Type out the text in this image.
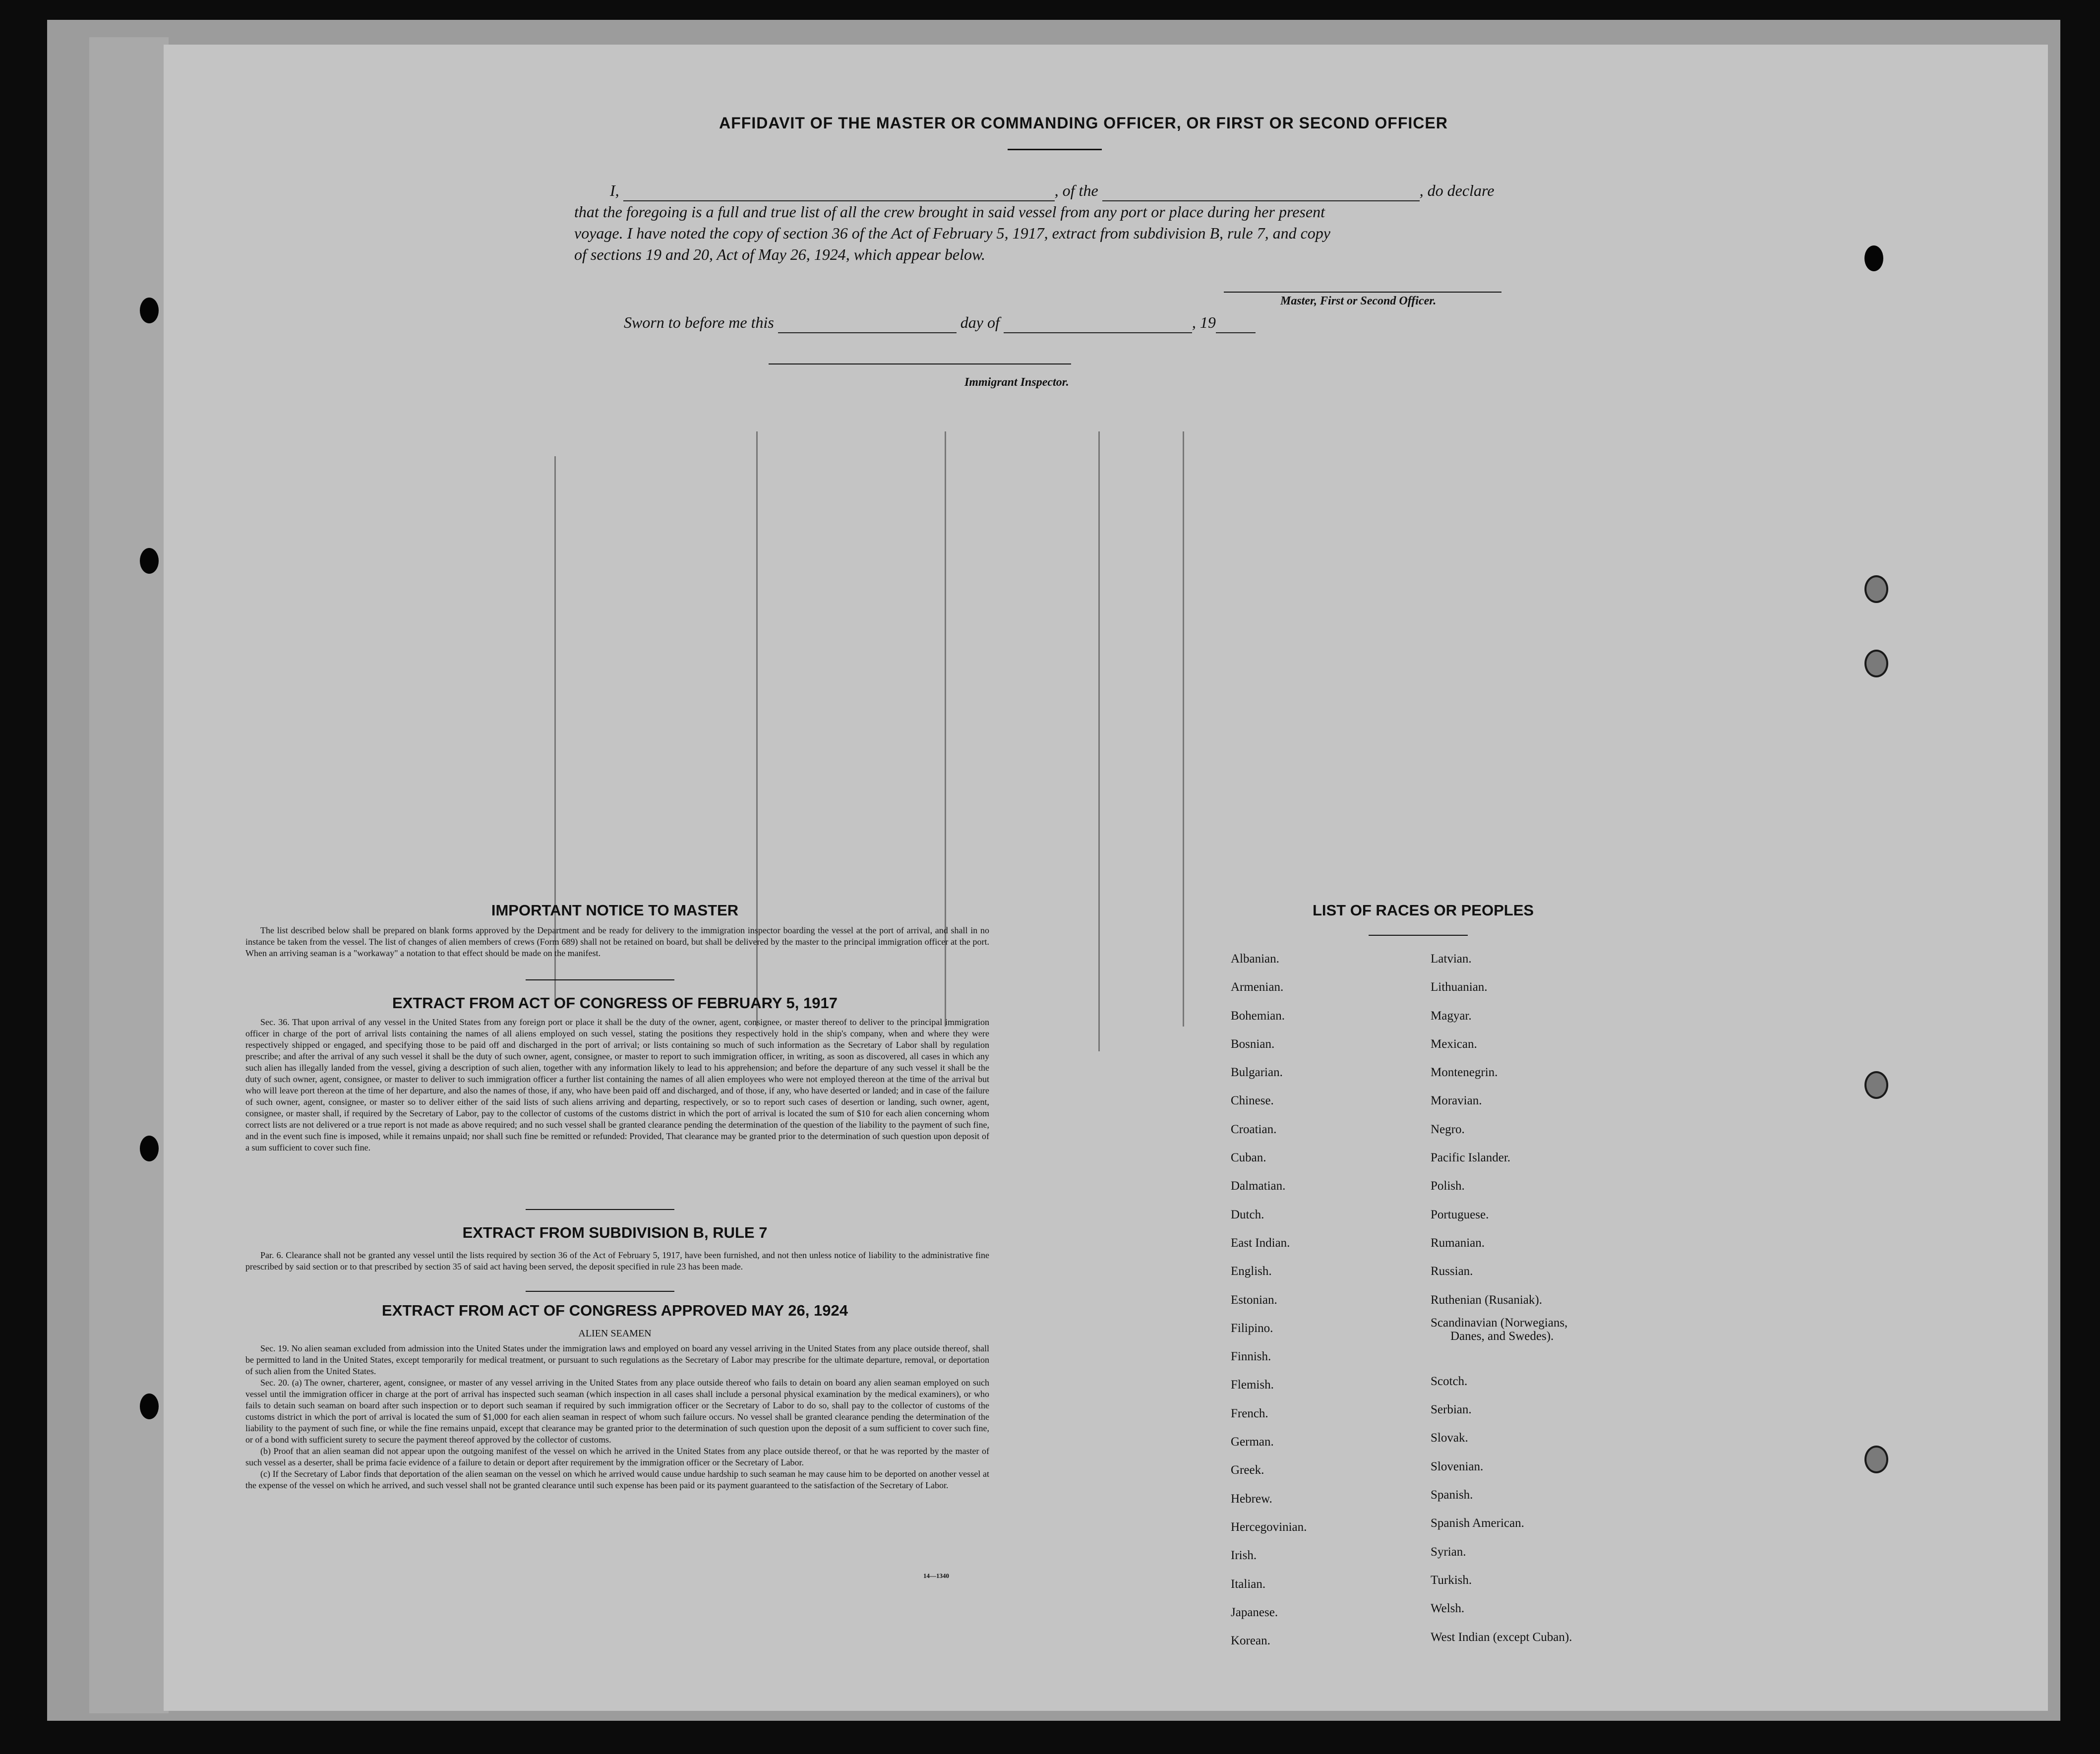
AFFIDAVIT OF THE MASTER OR COMMANDING OFFICER, OR FIRST OR SECOND OFFICER
I,	, of the	, do declare
that the foregoing is a full and true list of all the crew brought in said vessel from any port or place during her present
voyage. I have noted the copy of section 36 of the Act of February 5, 1917, extract from subdivision B, rule 7, and copy
of sections 19 and 20, Act of May 26, 1924, which appear below.
Master, First or Second Officer.
Sworn to before me this	day of	, 19
Immigrant Inspector.
IMPORTANT NOTICE TO MASTER

The list described below shall be prepared on blank forms approved by the Department and be ready for delivery to the immigration inspector boarding the vessel at the port of arrival, and shall in no instance be taken from the vessel. The list of changes of alien members of crews (Form 689) shall not be retained on board, but shall be delivered by the master to the principal immigration officer at the port. When an arriving seaman is a "workaway" a notation to that effect should be made on the manifest.

EXTRACT FROM ACT OF CONGRESS OF FEBRUARY 5, 1917

Sec. 36. That upon arrival of any vessel in the United States from any foreign port or place it shall be the duty of the owner, agent, consignee, or master thereof to deliver to the principal immigration officer in charge of the port of arrival lists containing the names of all aliens employed on such vessel, stating the positions they respectively hold in the ship's company, when and where they were respectively shipped or engaged, and specifying those to be paid off and discharged in the port of arrival; or lists containing so much of such information as the Secretary of Labor shall by regulation prescribe; and after the arrival of any such vessel it shall be the duty of such owner, agent, consignee, or master to report to such immigration officer, in writing, as soon as discovered, all cases in which any such alien has illegally landed from the vessel, giving a description of such alien, together with any information likely to lead to his apprehension; and before the departure of any such vessel it shall be the duty of such owner, agent, consignee, or master to deliver to such immigration officer a further list containing the names of all alien employees who were not employed thereon at the time of the arrival but who will leave port thereon at the time of her departure, and also the names of those, if any, who have been paid off and discharged, and of those, if any, who have deserted or landed; and in case of the failure of such owner, agent, consignee, or master so to deliver either of the said lists of such aliens arriving and departing, respectively, or so to report such cases of desertion or landing, such owner, agent, consignee, or master shall, if required by the Secretary of Labor, pay to the collector of customs of the customs district in which the port of arrival is located the sum of $10 for each alien concerning whom correct lists are not delivered or a true report is not made as above required; and no such vessel shall be granted clearance pending the determination of the question of the liability to the payment of such fine, and in the event such fine is imposed, while it remains unpaid; nor shall such fine be remitted or refunded: Provided, That clearance may be granted prior to the determination of such question upon deposit of a sum sufficient to cover such fine.

EXTRACT FROM SUBDIVISION B, RULE 7

Par. 6. Clearance shall not be granted any vessel until the lists required by section 36 of the Act of February 5, 1917, have been furnished, and not then unless notice of liability to the administrative fine prescribed by said section or to that prescribed by section 35 of said act having been served, the deposit specified in rule 23 has been made.

EXTRACT FROM ACT OF CONGRESS APPROVED MAY 26, 1924
ALIEN SEAMEN

Sec. 19. No alien seaman excluded from admission into the United States under the immigration laws and employed on board any vessel arriving in the United States from any place outside thereof, shall be permitted to land in the United States, except temporarily for medical treatment, or pursuant to such regulations as the Secretary of Labor may prescribe for the ultimate departure, removal, or deportation of such alien from the United States.

Sec. 20. (a) The owner, charterer, agent, consignee, or master of any vessel arriving in the United States from any place outside thereof who fails to detain on board any alien seaman employed on such vessel until the immigration officer in charge at the port of arrival has inspected such seaman (which inspection in all cases shall include a personal physical examination by the medical examiners), or who fails to detain such seaman on board after such inspection or to deport such seaman if required by such immigration officer or the Secretary of Labor to do so, shall pay to the collector of customs of the customs district in which the port of arrival is located the sum of $1,000 for each alien seaman in respect of whom such failure occurs. No vessel shall be granted clearance pending the determination of the liability to the payment of such fine, or while the fine remains unpaid, except that clearance may be granted prior to the determination of such question upon the deposit of a sum sufficient to cover such fine, or of a bond with sufficient surety to secure the payment thereof approved by the collector of customs.

(b) Proof that an alien seaman did not appear upon the outgoing manifest of the vessel on which he arrived in the United States from any place outside thereof, or that he was reported by the master of such vessel as a deserter, shall be prima facie evidence of a failure to detain or deport after requirement by the immigration officer or the Secretary of Labor.

(c) If the Secretary of Labor finds that deportation of the alien seaman on the vessel on which he arrived would cause undue hardship to such seaman he may cause him to be deported on another vessel at the expense of the vessel on which he arrived, and such vessel shall not be granted clearance until such expense has been paid or its payment guaranteed to the satisfaction of the Secretary of Labor.

14—1340
LIST OF RACES OR PEOPLES
Albanian.
Armenian.
Bohemian.
Bosnian.
Bulgarian.
Chinese.
Croatian.
Cuban.
Dalmatian.
Dutch.
East Indian.
English.
Estonian.
Filipino.
Finnish.
Flemish.
French.
German.
Greek.
Hebrew.
Hercegovinian.
Irish.
Italian.
Japanese.
Korean.
Latvian.
Lithuanian.
Magyar.
Mexican.
Montenegrin.
Moravian.
Negro.
Pacific Islander.
Polish.
Portuguese.
Rumanian.
Russian.
Ruthenian (Rusaniak).
Scandinavian (Norwegians,
Danes, and Swedes).
Scotch.
Serbian.
Slovak.
Slovenian.
Spanish.
Spanish American.
Syrian.
Turkish.
Welsh.
West Indian (except Cuban).
